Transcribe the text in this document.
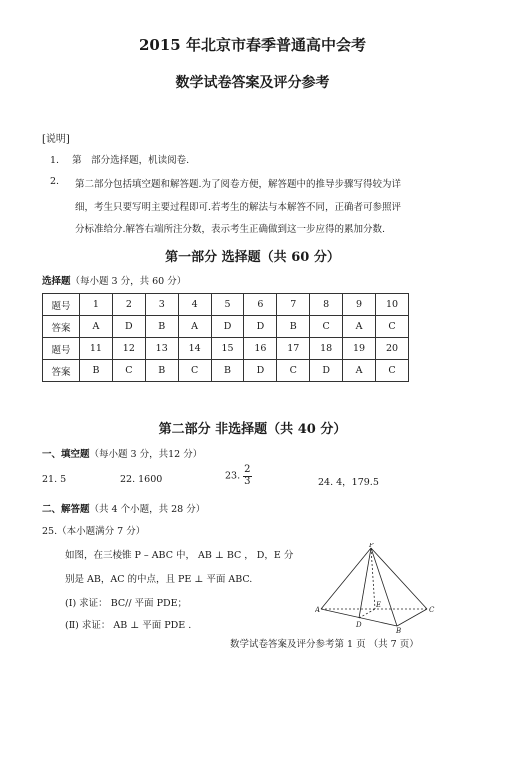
2015 年北京市春季普通高中会考
数学试卷答案及评分参考
[说明]
1. 第　部分选择题，机读阅卷.
2. 第二部分包括填空题和解答题.为了阅卷方便，解答题中的推导步骤写得较为详
细，考生只要写明主要过程即可.若考生的解法与本解答不同，正确者可参照评
分标准给分.解答右端所注分数，表示考生正确做到这一步应得的累加分数.
第一部分 选择题（共 60 分）
选择题（每小题 3 分，共 60 分）
题号	1	2	3	4	5	6	7	8	9	10
答案	A	D	B	A	D	D	B	C	A	C
题号	11	12	13	14	15	16	17	18	19	20
答案	B	C	B	C	B	D	C	D	A	C
第二部分 非选择题（共 40 分）
一、填空题（每小题 3 分，共12 分）
21. 5	22. 1600	23. $\frac{2}{3}$	24. 4，179.5
二、解答题（共 4 个小题，共 28 分）
25.（本小题满分 7 分）
如图，在三棱锥 P – ABC 中， AB ⊥ BC ， D，E 分
别是 AB，AC 的中点，且 PE ⊥ 平面 ABC.
(Ⅰ) 求证： BC// 平面 PDE；
(Ⅱ) 求证： AB ⊥ 平面 PDE .
P
A	C
B
D
E
数学试卷答案及评分参考第 1 页 （共 7 页）
